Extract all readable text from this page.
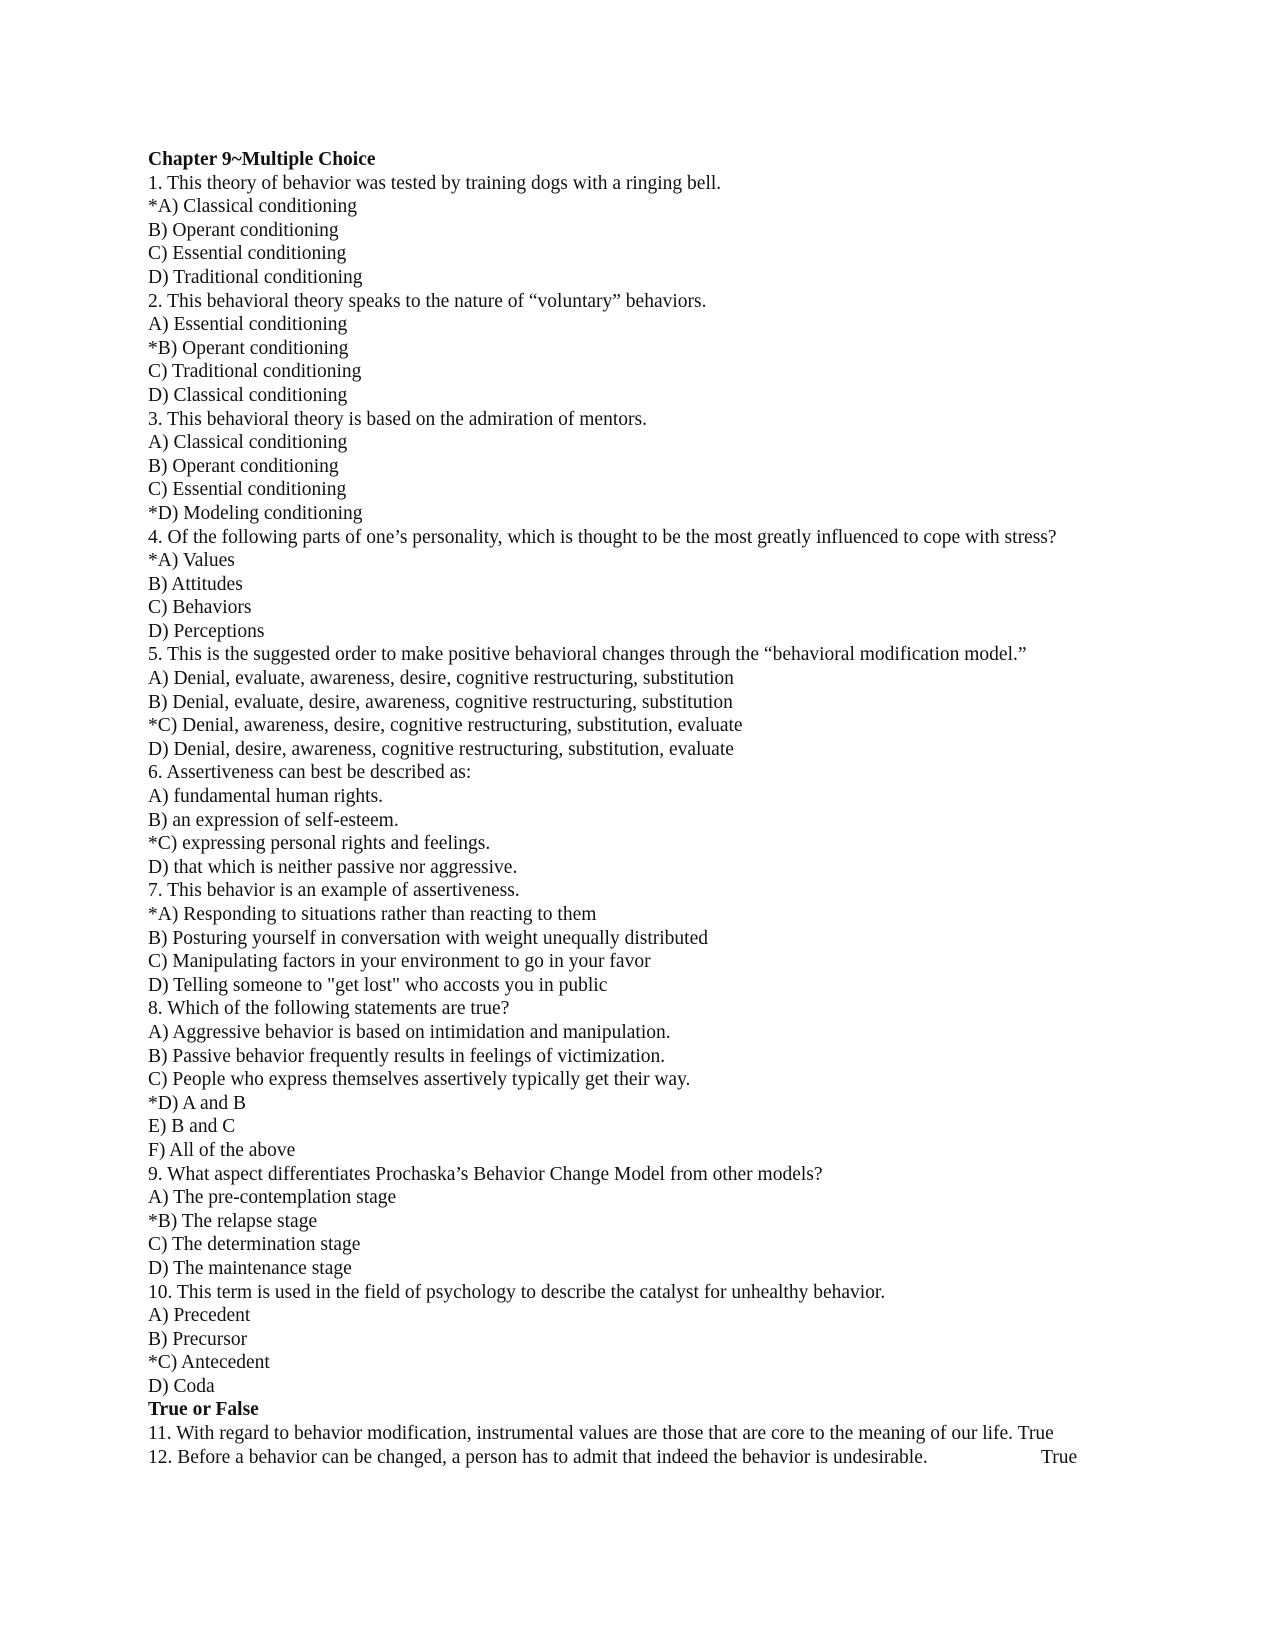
Chapter 9~Multiple Choice
1. This theory of behavior was tested by training dogs with a ringing bell.
*A) Classical conditioning
B) Operant conditioning
C) Essential conditioning
D) Traditional conditioning
2. This behavioral theory speaks to the nature of “voluntary” behaviors.
A) Essential conditioning
*B) Operant conditioning
C) Traditional conditioning
D) Classical conditioning
3. This behavioral theory is based on the admiration of mentors.
A) Classical conditioning
B) Operant conditioning
C) Essential conditioning
*D) Modeling conditioning
4. Of the following parts of one’s personality, which is thought to be the most greatly influenced to cope with stress?
*A) Values
B) Attitudes
C) Behaviors
D) Perceptions
5. This is the suggested order to make positive behavioral changes through the “behavioral modification model.”
A) Denial, evaluate, awareness, desire, cognitive restructuring, substitution
B) Denial, evaluate, desire, awareness, cognitive restructuring, substitution
*C) Denial, awareness, desire, cognitive restructuring, substitution, evaluate
D) Denial, desire, awareness, cognitive restructuring, substitution, evaluate
6. Assertiveness can best be described as:
A) fundamental human rights.
B) an expression of self-esteem.
*C) expressing personal rights and feelings.
D) that which is neither passive nor aggressive.
7. This behavior is an example of assertiveness.
*A) Responding to situations rather than reacting to them
B) Posturing yourself in conversation with weight unequally distributed
C) Manipulating factors in your environment to go in your favor
D) Telling someone to "get lost" who accosts you in public
8. Which of the following statements are true?
A) Aggressive behavior is based on intimidation and manipulation.
B) Passive behavior frequently results in feelings of victimization.
C) People who express themselves assertively typically get their way.
*D) A and B
E) B and C
F) All of the above
9. What aspect differentiates Prochaska’s Behavior Change Model from other models?
A) The pre-contemplation stage
*B) The relapse stage
C) The determination stage
D) The maintenance stage
10. This term is used in the field of psychology to describe the catalyst for unhealthy behavior.
A) Precedent
B) Precursor
*C) Antecedent
D) Coda
True or False
11. With regard to behavior modification, instrumental values are those that are core to the meaning of our life. True
12. Before a behavior can be changed, a person has to admit that indeed the behavior is undesirable.	True
